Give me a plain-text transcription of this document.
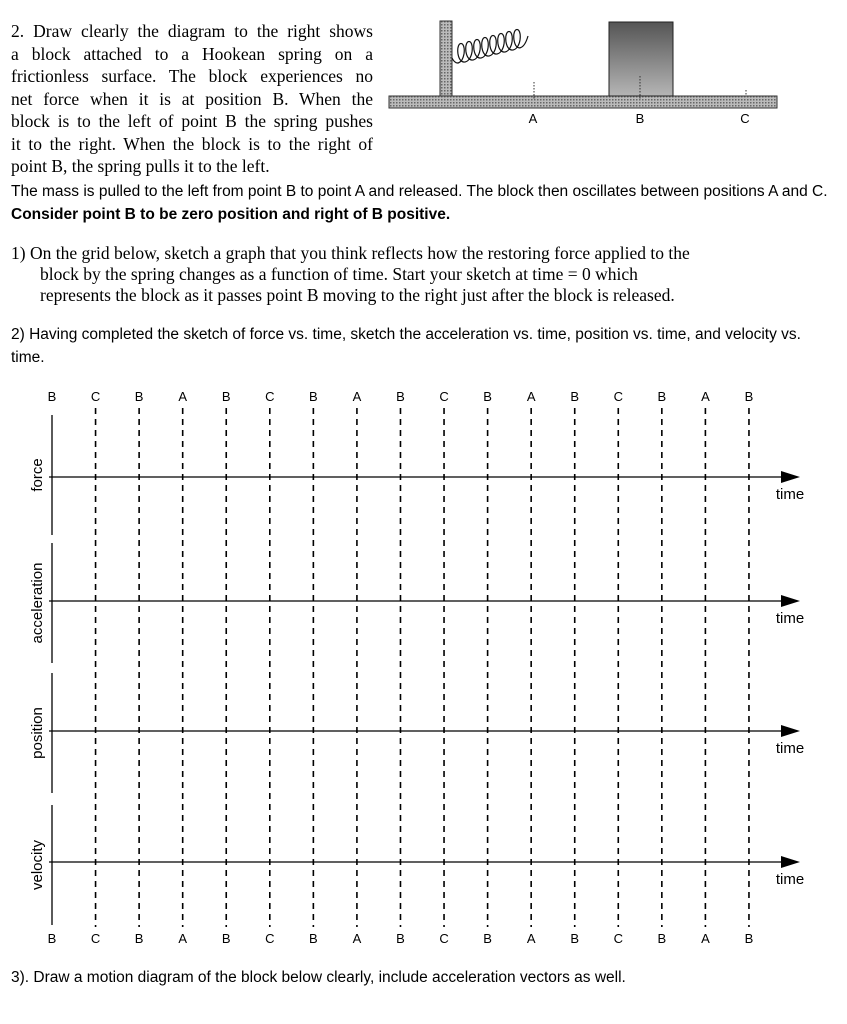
2. Draw clearly the diagram to the right shows
a block attached to a Hookean spring on a
frictionless surface. The block experiences no
net force when it is at position B. When the
block is to the left of point B the spring pushes
it to the right. When the block is to the right of
point B, the spring pulls it to the left.
A	B	C
The mass is pulled to the left from point B to point A and released. The block then oscillates between positions A and C. Consider point B to be zero position and right of B positive.
1) On the grid below, sketch a graph that you think reflects how the restoring force applied to the
block by the spring changes as a function of time. Start your sketch at time = 0 which
represents the block as it passes point B moving to the right just after the block is released.
2) Having completed the sketch of force vs. time, sketch the acceleration vs. time, position vs. time, and velocity vs. time.
B
B
C
C
B
B
A
A
B
B
C
C
B
B
A
A
B
B
C
C
B
B
A
A
B
B
C
C
B
B
A
A
B
B
time
force
time
acceleration
time
position
time
velocity
3). Draw a motion diagram of the block below clearly, include acceleration vectors as well.
